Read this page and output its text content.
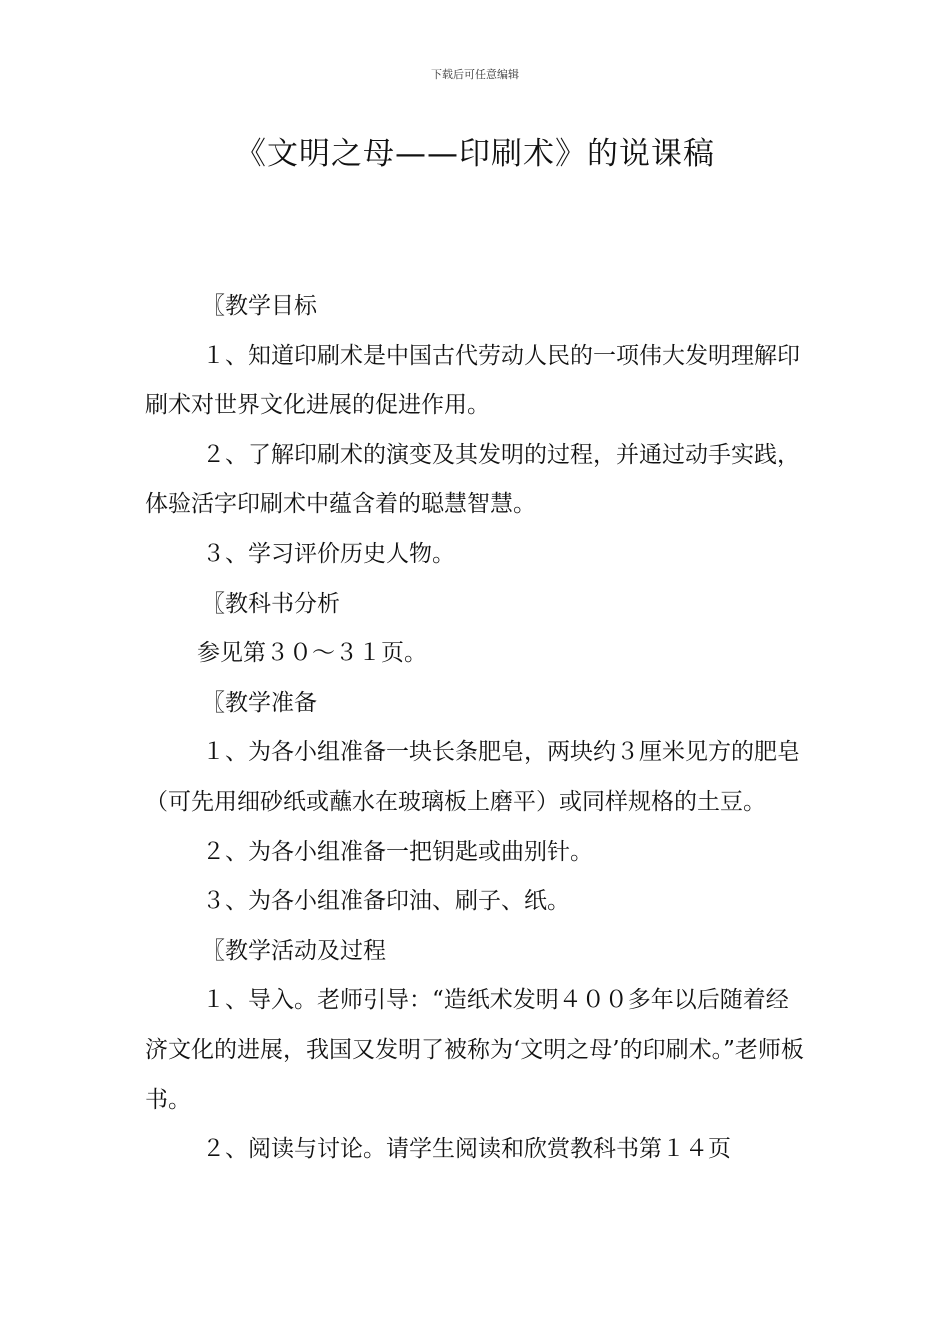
下载后可任意编辑
《文明之母——印刷术》的说课稿

〖教学目标

１、知道印刷术是中国古代劳动人民的一项伟大发明理解印刷术对世界文化进展的促进作用。

２、了解印刷术的演变及其发明的过程，并通过动手实践，体验活字印刷术中蕴含着的聪慧智慧。

３、学习评价历史人物。

〖教科书分析

参见第３０～３１页。

〖教学准备

１、为各小组准备一块长条肥皂，两块约３厘米见方的肥皂（可先用细砂纸或蘸水在玻璃板上磨平）或同样规格的土豆。

２、为各小组准备一把钥匙或曲别针。

３、为各小组准备印油、刷子、纸。

〖教学活动及过程

１、导入。老师引导：“造纸术发明４００多年以后随着经济文化的进展，我国又发明了被称为‘文明之母’的印刷术。”老师板书。

２、阅读与讨论。请学生阅读和欣赏教科书第１４页
